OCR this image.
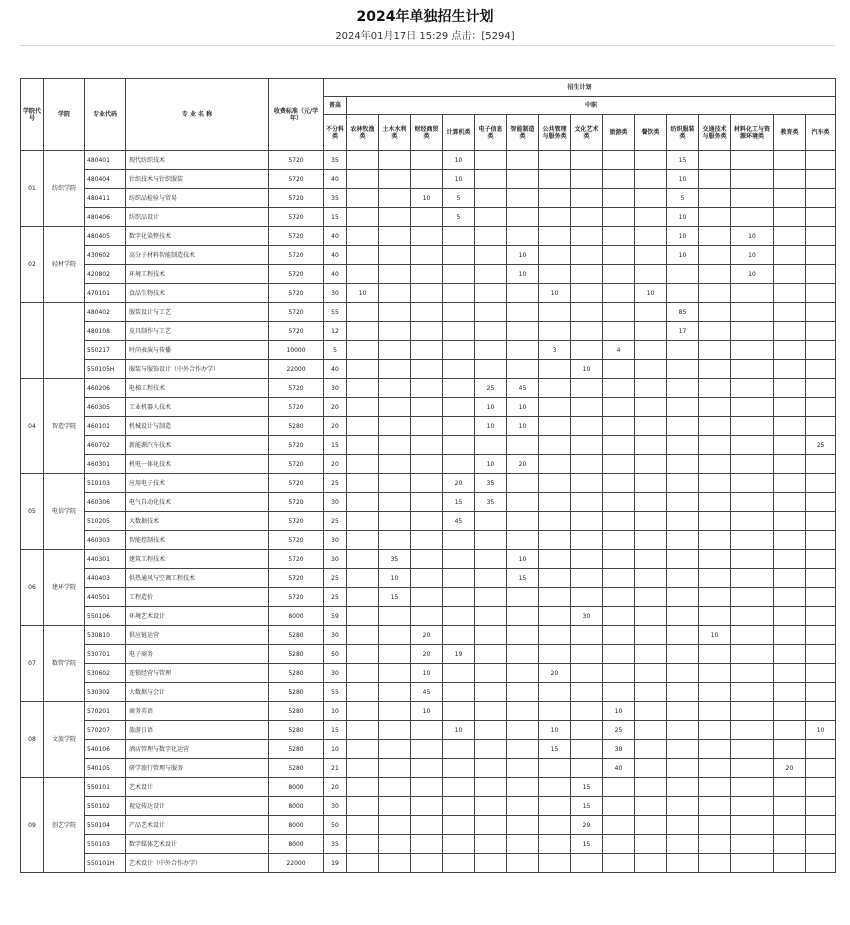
2024年单独招生计划
2024年01月17日 15:29 点击：[5294]
学院代号	学院	专业代码	专 业 名 称	收费标准（元/学年）	招生计划															
					普高	中职														
					不分科类	农林牧渔类	土木水利类	财经商贸类	计算机类	电子信息类	智能制造类	公共管理与服务类	文化艺术类	旅游类	餐饮类	纺织服装类	交通技术与服务类	材料化工与资源环境类	教育类	汽车类
01	纺织学院	480401	现代纺织技术	5720	35				10							15				
		480404	针织技术与针织服装	5720	40				10							10				
		480411	纺织品检验与贸易	5720	35			10	5							5				
		480406	纺织品设计	5720	15				5							10				
02	轻材学院	480405	数字化染整技术	5720	40											10		10		
		430602	高分子材料智能制造技术	5720	40						10					10		10		
		420802	环境工程技术	5720	40						10							10		
		470101	食品生物技术	5720	30	10						10			10					
		480402	服装设计与工艺	5720	55											85				
		480108	皮具制作与工艺	5720	12											17				
		550217	时尚表演与传播	10000	5							3		4						
		550105H	服装与服饰设计（中外合作办学）	22000	40								10							
04	智造学院	460206	电梯工程技术	5720	30					25	45									
		460305	工业机器人技术	5720	20					10	10									
		460101	机械设计与制造	5280	20					10	10									
		460702	新能源汽车技术	5720	15															25
		460301	机电一体化技术	5720	20					10	20									
05	电信学院	510103	应用电子技术	5720	25				20	35										
		460306	电气自动化技术	5720	30				15	35										
		510205	大数据技术	5720	25				45											
		460303	智能控制技术	5720	30															
06	建环学院	440301	建筑工程技术	5720	30		35				10									
		440403	供热通风与空调工程技术	5720	25		10				15									
		440501	工程造价	5720	25		15													
		550106	环境艺术设计	8000	59								30							
07	数管学院	530810	供应链运营	5280	30			20									10			
		530701	电子商务	5280	50			20	19											
		530602	连锁经营与管理	5280	30			10				20								
		530302	大数据与会计	5280	55			45												
08	文旅学院	570201	商务英语	5280	10			10						10						
		570207	旅游日语	5280	15				10			10		25						10
		540106	酒店管理与数字化运营	5280	10							15		30						
		540105	研学旅行管理与服务	5280	21									40					20	
09	创艺学院	550101	艺术设计	8000	20								15							
		550102	视觉传达设计	8000	30								15							
		550104	产品艺术设计	8000	50								29							
		550103	数字媒体艺术设计	8000	35								15							
		550101H	艺术设计（中外合作办学）	22000	19															
